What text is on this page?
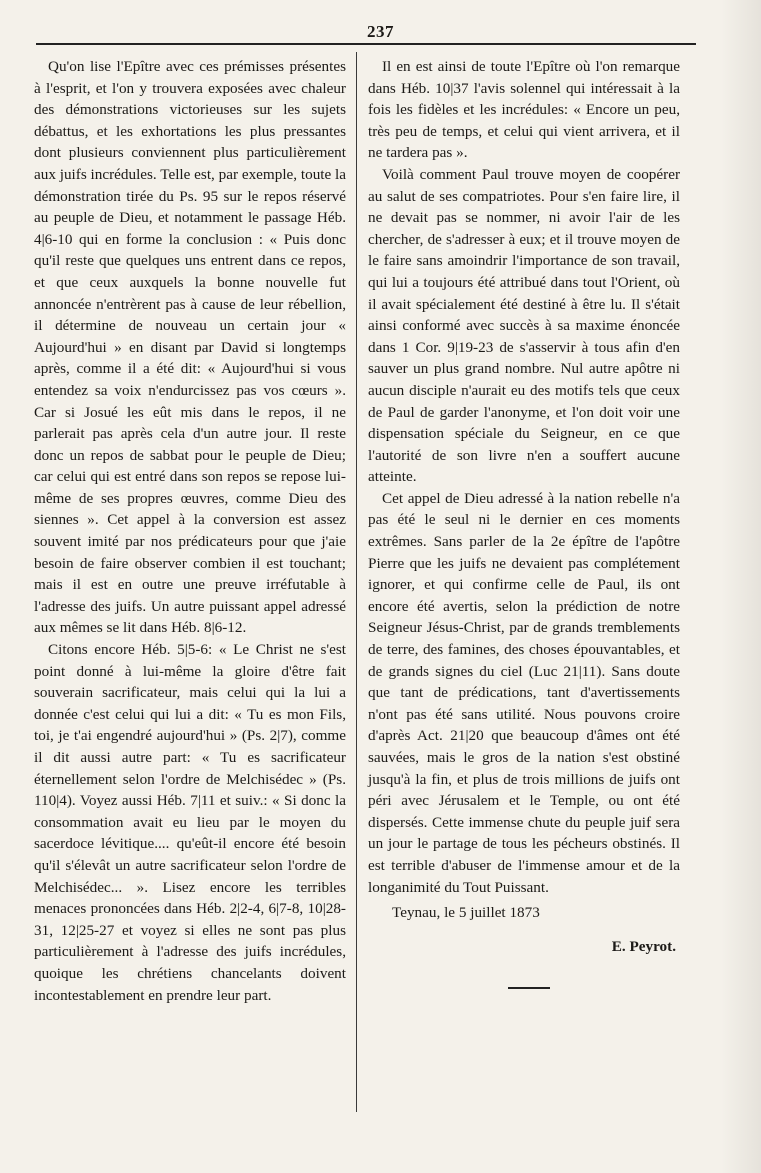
237

Qu'on lise l'Epître avec ces prémisses présentes à l'esprit, et l'on y trouvera exposées avec chaleur des démonstrations victorieuses sur les sujets débattus, et les exhortations les plus pressantes dont plusieurs conviennent plus particulièrement aux juifs incrédules. Telle est, par exemple, toute la démonstration tirée du Ps. 95 sur le repos réservé au peuple de Dieu, et notamment le passage Héb. 4|6-10 qui en forme la conclusion : « Puis donc qu'il reste que quelques uns entrent dans ce repos, et que ceux auxquels la bonne nouvelle fut annoncée n'entrèrent pas à cause de leur rébellion, il détermine de nouveau un certain jour « Aujourd'hui » en disant par David si longtemps après, comme il a été dit: « Aujourd'hui si vous entendez sa voix n'endurcissez pas vos cœurs ». Car si Josué les eût mis dans le repos, il ne parlerait pas après cela d'un autre jour. Il reste donc un repos de sabbat pour le peuple de Dieu; car celui qui est entré dans son repos se repose lui-même de ses propres œuvres, comme Dieu des siennes ». Cet appel à la conversion est assez souvent imité par nos prédicateurs pour que j'aie besoin de faire observer combien il est touchant; mais il est en outre une preuve irréfutable à l'adresse des juifs. Un autre puissant appel adressé aux mêmes se lit dans Héb. 8|6-12.

Citons encore Héb. 5|5-6: « Le Christ ne s'est point donné à lui-même la gloire d'être fait souverain sacrificateur, mais celui qui la lui a donnée c'est celui qui lui a dit: « Tu es mon Fils, toi, je t'ai engendré aujourd'hui » (Ps. 2|7), comme il dit aussi autre part: « Tu es sacrificateur éternellement selon l'ordre de Melchisédec » (Ps. 110|4). Voyez aussi Héb. 7|11 et suiv.: « Si donc la consommation avait eu lieu par le moyen du sacerdoce lévitique.... qu'eût-il encore été besoin qu'il s'élevât un autre sacrificateur selon l'ordre de Melchisédec... ». Lisez encore les terribles menaces prononcées dans Héb. 2|2-4, 6|7-8, 10|28-31, 12|25-27 et voyez si elles ne sont pas plus particulièrement à l'adresse des juifs incrédules, quoique les chrétiens chancelants doivent incontestablement en prendre leur part.

Il en est ainsi de toute l'Epître où l'on remarque dans Héb. 10|37 l'avis solennel qui intéressait à la fois les fidèles et les incrédules: « Encore un peu, très peu de temps, et celui qui vient arrivera, et il ne tardera pas ».

Voilà comment Paul trouve moyen de coopérer au salut de ses compatriotes. Pour s'en faire lire, il ne devait pas se nommer, ni avoir l'air de les chercher, de s'adresser à eux; et il trouve moyen de le faire sans amoindrir l'importance de son travail, qui lui a toujours été attribué dans tout l'Orient, où il avait spécialement été destiné à être lu. Il s'était ainsi conformé avec succès à sa maxime énoncée dans 1 Cor. 9|19-23 de s'asservir à tous afin d'en sauver un plus grand nombre. Nul autre apôtre ni aucun disciple n'aurait eu des motifs tels que ceux de Paul de garder l'anonyme, et l'on doit voir une dispensation spéciale du Seigneur, en ce que l'autorité de son livre n'en a souffert aucune atteinte.

Cet appel de Dieu adressé à la nation rebelle n'a pas été le seul ni le dernier en ces moments extrêmes. Sans parler de la 2e épître de l'apôtre Pierre que les juifs ne devaient pas complétement ignorer, et qui confirme celle de Paul, ils ont encore été avertis, selon la prédiction de notre Seigneur Jésus-Christ, par de grands tremblements de terre, des famines, des choses épouvantables, et de grands signes du ciel (Luc 21|11). Sans doute que tant de prédications, tant d'avertissements n'ont pas été sans utilité. Nous pouvons croire d'après Act. 21|20 que beaucoup d'âmes ont été sauvées, mais le gros de la nation s'est obstiné jusqu'à la fin, et plus de trois millions de juifs ont péri avec Jérusalem et le Temple, ou ont été dispersés. Cette immense chute du peuple juif sera un jour le partage de tous les pécheurs obstinés. Il est terrible d'abuser de l'immense amour et de la longanimité du Tout Puissant.

Teynau, le 5 juillet 1873

E. Peyrot.
